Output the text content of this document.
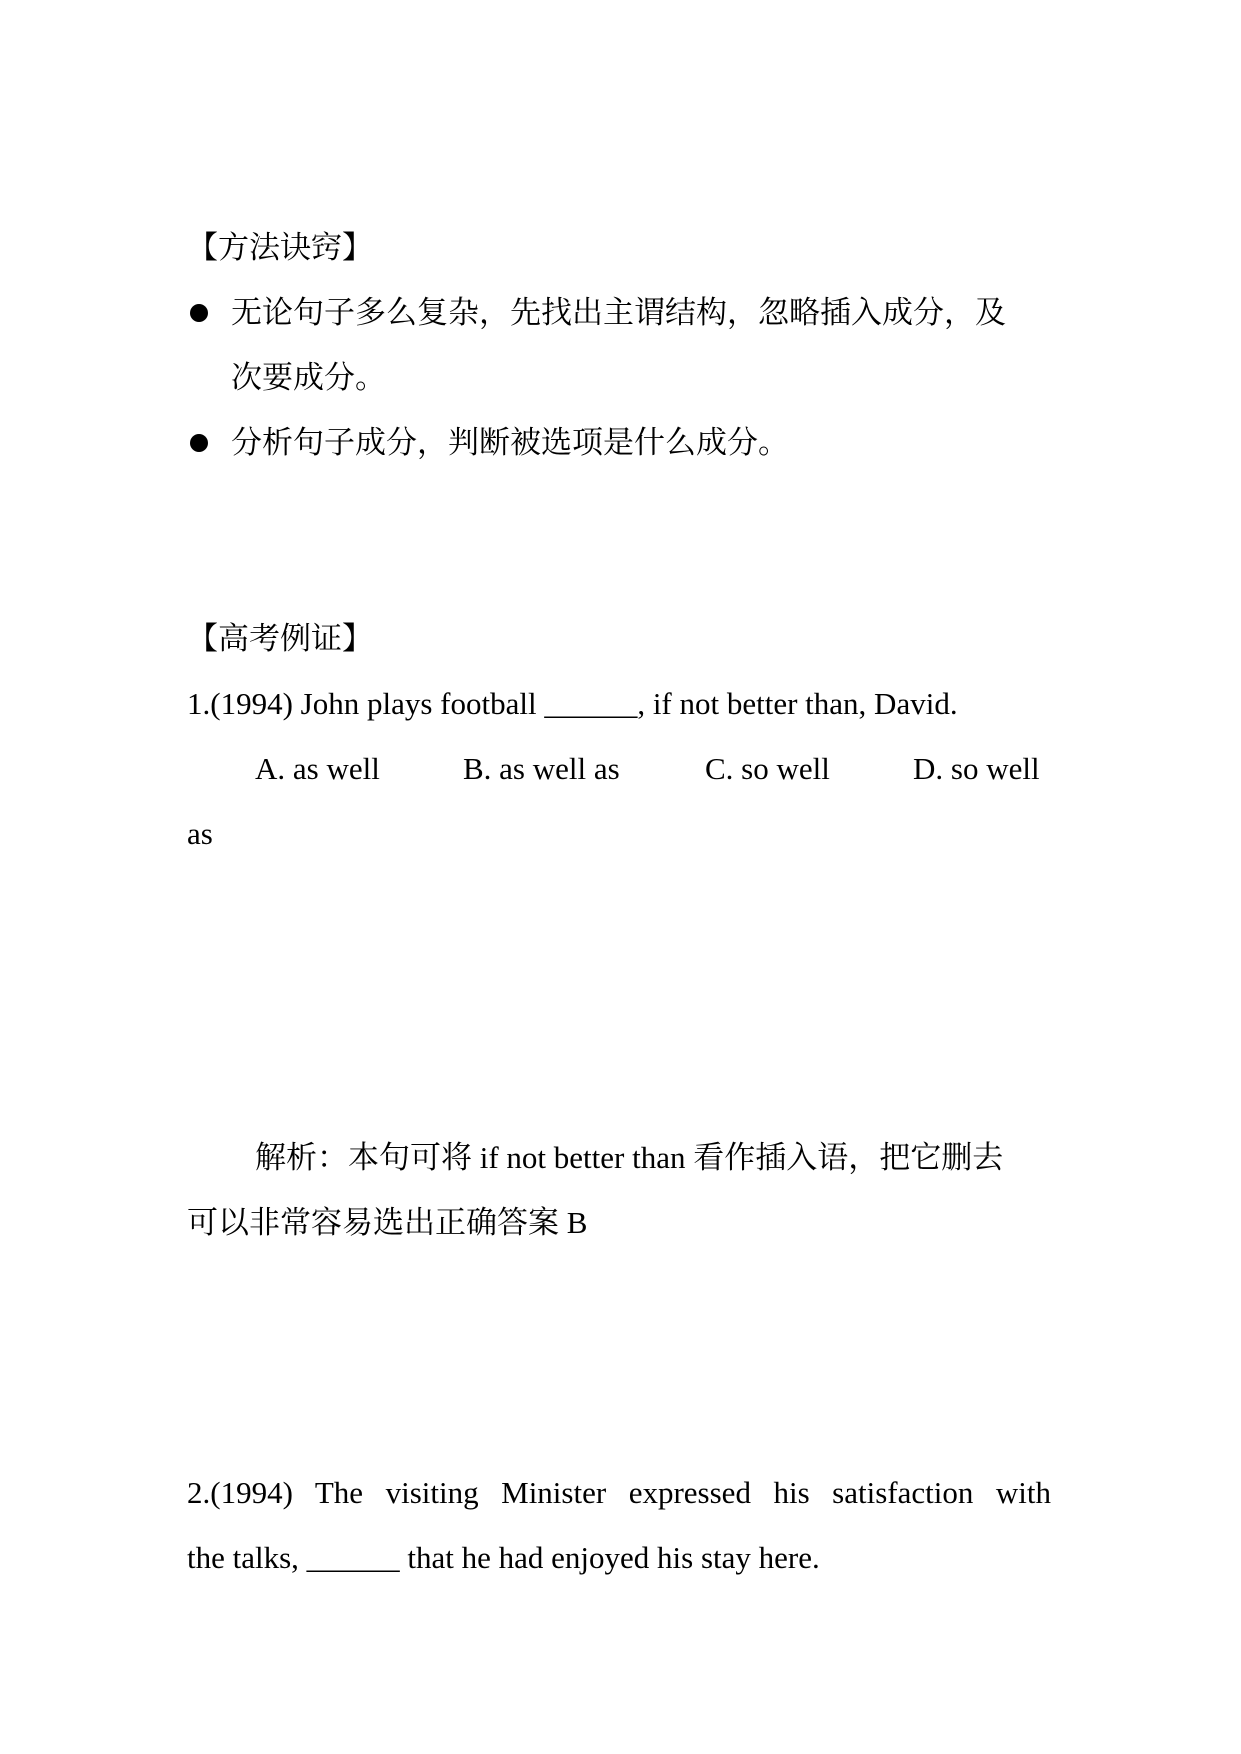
【方法诀窍】
无论句子多么复杂，先找出主谓结构，忽略插入成分，及
次要成分。
分析句子成分，判断被选项是什么成分。
【高考例证】
1.(1994) John plays football ______, if not better than, David.
A. as well	B. as well as	C. so well	D. so well
as
解析：本句可将 if not better than 看作插入语，把它删去
可以非常容易选出正确答案 B
2.(1994) The visiting Minister expressed his satisfaction with
the talks, ______ that he had enjoyed his stay here.
